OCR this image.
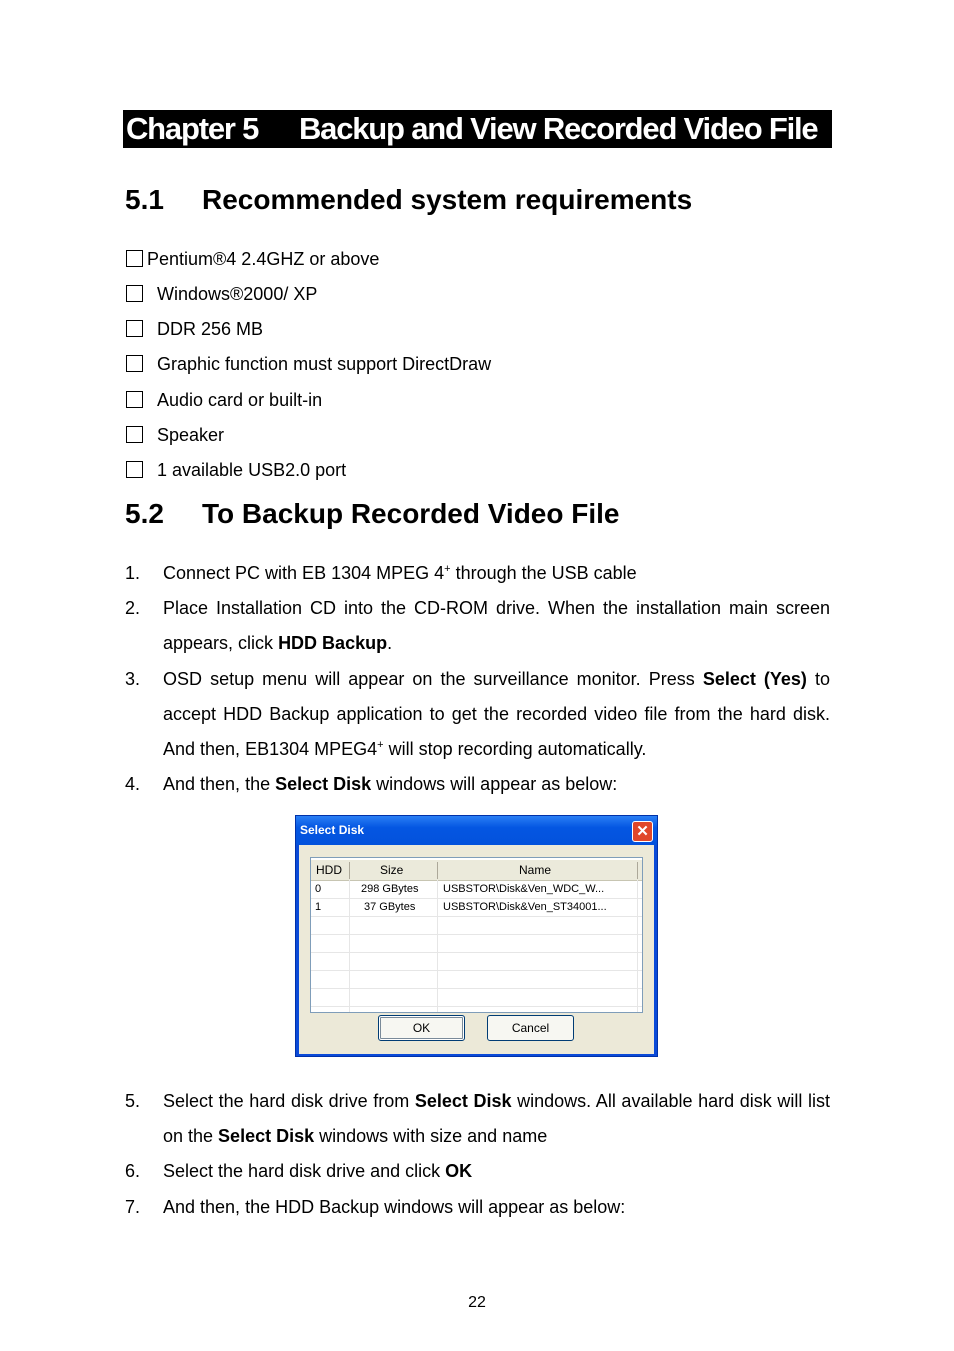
Chapter 5 Backup and View Recorded Video File
5.1 Recommended system requirements
Pentium®4 2.4GHZ or above
Windows®2000/ XP
DDR 256 MB
Graphic function must support DirectDraw
Audio card or built-in
Speaker
1 available USB2.0 port
5.2 To Backup Recorded Video File
1. Connect PC with EB 1304 MPEG 4+ through the USB cable
2. Place Installation CD into the CD-ROM drive. When the installation main screen appears, click HDD Backup.
3. OSD setup menu will appear on the surveillance monitor. Press Select (Yes) to accept HDD Backup application to get the recorded video file from the hard disk. And then, EB1304 MPEG4+ will stop recording automatically.
4. And then, the Select Disk windows will appear as below:
Select Disk	✕
HDD	Size	Name
0	298 GBytes USBSTOR\Disk&Ven_WDC_W...
1	37 GBytes	USBSTOR\Disk&Ven_ST34001...
OK	Cancel
5. Select the hard disk drive from Select Disk windows. All available hard disk will list on the Select Disk windows with size and name
6. Select the hard disk drive and click OK
7. And then, the HDD Backup windows will appear as below:
22
